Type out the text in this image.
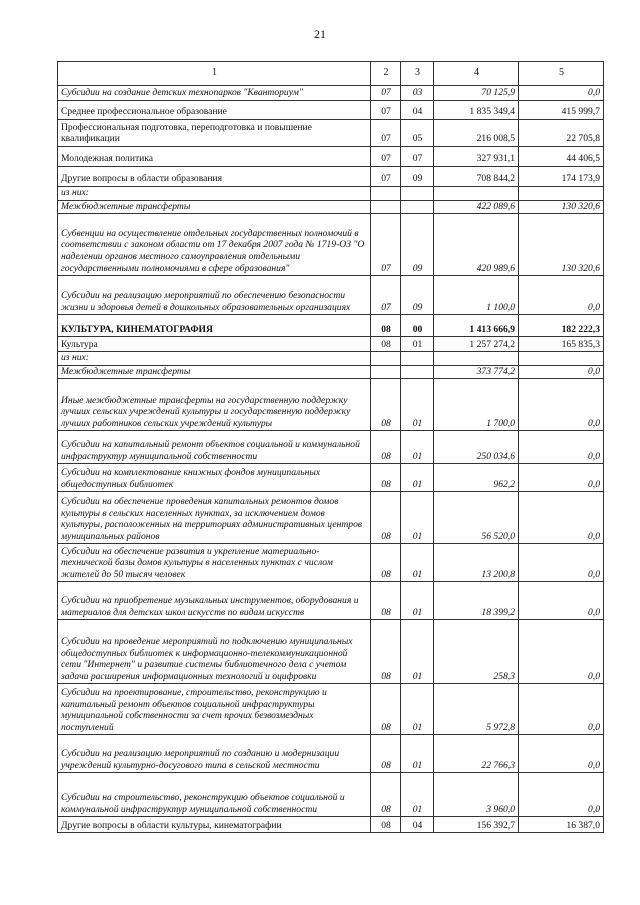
21
1	2	3	4	5
Субсидии на создание детских технопарков "Кванториум"	07	03	70 125,9	0,0
Среднее профессиональное образование	07	04	1 835 349,4	415 999,7
Профессиональная подготовка, переподготовка и повышение квалификации	07	05	216 008,5	22 705,8
Молодежная политика	07	07	327 931,1	44 406,5
Другие вопросы в области образования	07	09	708 844,2	174 173,9
из них:				
Межбюджетные трансферты			422 089,6	130 320,6
Субвенции на осуществление отдельных государственных полномочий в соответствии с законом области от 17 декабря 2007 года № 1719-ОЗ "О наделении органов местного самоуправления отдельными государственными полномочиями в сфере образования"	07	09	420 989,6	130 320,6
Субсидии на реализацию мероприятий по обеспечению безопасности жизни и здоровья детей в дошкольных образовательных организациях	07	09	1 100,0	0,0
КУЛЬТУРА, КИНЕМАТОГРАФИЯ	08	00	1 413 666,9	182 222,3
Культура	08	01	1 257 274,2	165 835,3
из них:				
Межбюджетные трансферты			373 774,2	0,0
Иные межбюджетные трансферты на государственную поддержку лучших сельских учреждений культуры и государственную поддержку лучших работников сельских учреждений культуры	08	01	1 700,0	0,0
Субсидии на капитальный ремонт объектов социальной и коммунальной инфраструктур муниципальной собственности	08	01	250 034,6	0,0
Субсидии на комплектование книжных фондов муниципальных общедоступных библиотек	08	01	962,2	0,0
Субсидии на обеспечение проведения капитальных ремонтов домов культуры в сельских населенных пунктах, за исключением домов культуры, расположенных на территориях административных центров муниципальных районов	08	01	56 520,0	0,0
Субсидии на обеспечение развития и укрепление материально-технической базы домов культуры в населенных пунктах с числом жителей до 50 тысяч человек	08	01	13 200,8	0,0
Субсидии на приобретение музыкальных инструментов, оборудования и материалов для детских школ искусств по видам искусств	08	01	18 399,2	0,0
Субсидии на проведение мероприятий по подключению муниципальных общедоступных библиотек к информационно-телекоммуникационной сети "Интернет" и развитие системы библиотечного дела с учетом задачи расширения информационных технологий и оцифровки	08	01	258,3	0,0
Субсидии на проектирование, строительство, реконструкцию и капитальный ремонт объектов социальной инфраструктуры муниципальной собственности за счет прочих безвозмездных поступлений	08	01	5 972,8	0,0
Субсидии на реализацию мероприятий по созданию и модернизации учреждений культурно-досугового типа в сельской местности	08	01	22 766,3	0,0
Субсидии на строительство, реконструкцию объектов социальной и коммунальной инфраструктур муниципальной собственности	08	01	3 960,0	0,0
Другие вопросы в области культуры, кинематографии	08	04	156 392,7	16 387,0
